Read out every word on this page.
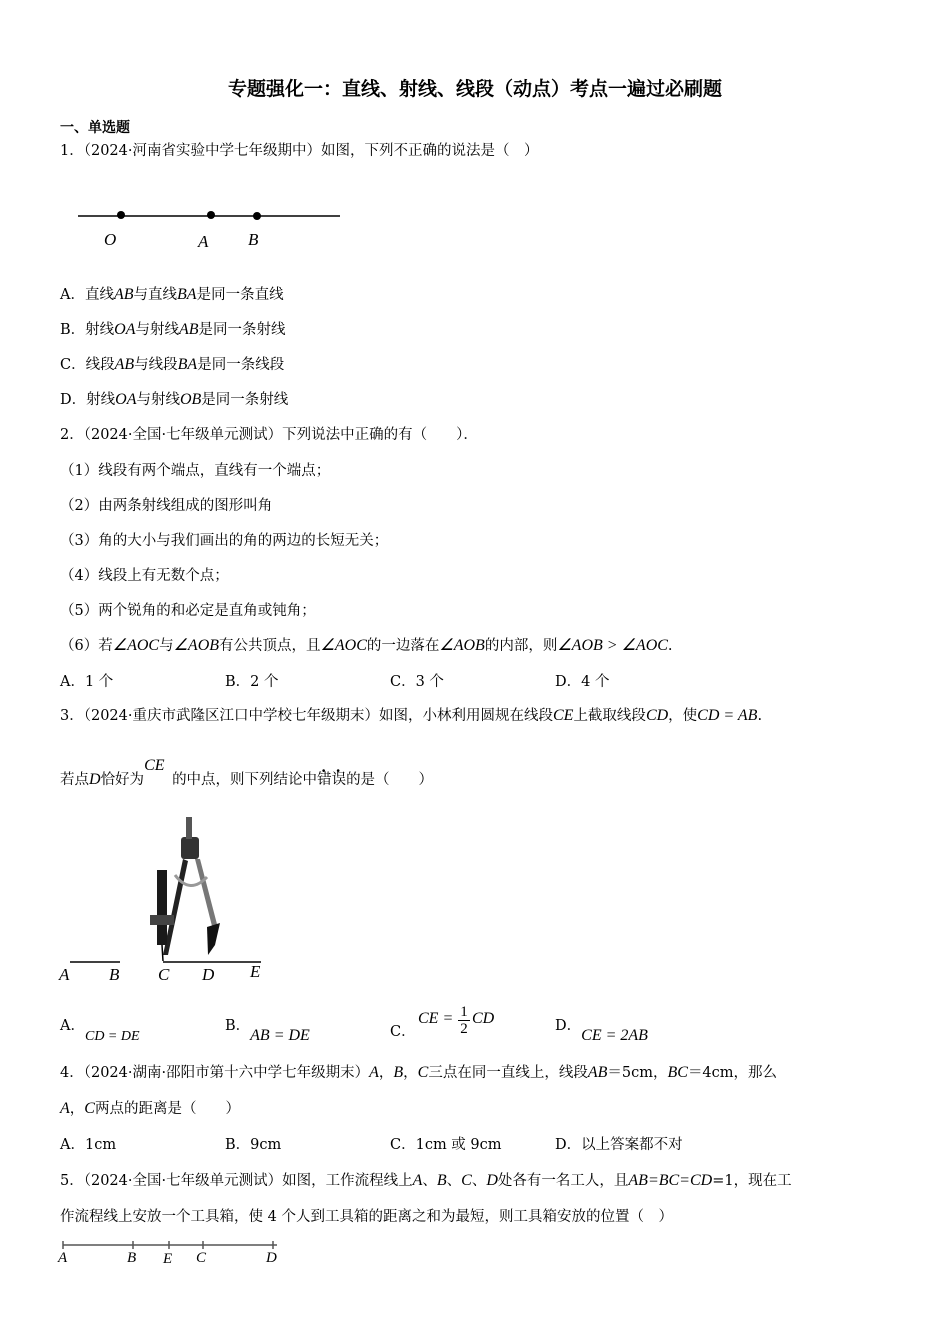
专题强化一：直线、射线、线段（动点）考点一遍过必刷题
一、单选题
1．（2024·河南省实验中学七年级期中）如图，下列不正确的说法是（　）
O	A B
A．直线AB与直线BA是同一条直线
B．射线OA与射线AB是同一条射线
C．线段AB与线段BA是同一条线段
D．射线OA与射线OB是同一条射线
2．（2024·全国·七年级单元测试）下列说法中正确的有（　　）．
（1）线段有两个端点，直线有一个端点；
（2）由两条射线组成的图形叫角
（3）角的大小与我们画出的角的两边的长短无关；
（4）线段上有无数个点；
（5）两个锐角的和必定是直角或钝角；
（6）若∠AOC与∠AOB有公共顶点，且∠AOC的一边落在∠AOB的内部，则∠AOB > ∠AOC.
A．1 个	B．2 个	C．3 个	D．4 个
3．（2024·重庆市武隆区江口中学校七年级期末）如图，小林利用圆规在线段CE上截取线段CD，使CD = AB.
若点D恰好为CE的中点，则下列结论中错误的是（　　）
A B C D E
A．CD = DE
B．AB = DE	C．
CE = $\frac{1}{2}$ CD	D．CE = 2AB
4．（2024·湖南·邵阳市第十六中学七年级期末）A，B，C三点在同一直线上，线段AB＝5cm，BC＝4cm，那么
A，C两点的距离是（　　）
A．1cm	B．9cm	C．1cm 或 9cm	D．以上答案都不对
5．（2024·全国·七年级单元测试）如图，工作流程线上A、B、C、D处各有一名工人，且AB=BC=CD=1，现在工
作流程线上安放一个工具箱，使 4 个人到工具箱的距离之和为最短，则工具箱安放的位置（　）
A	B E C	D
